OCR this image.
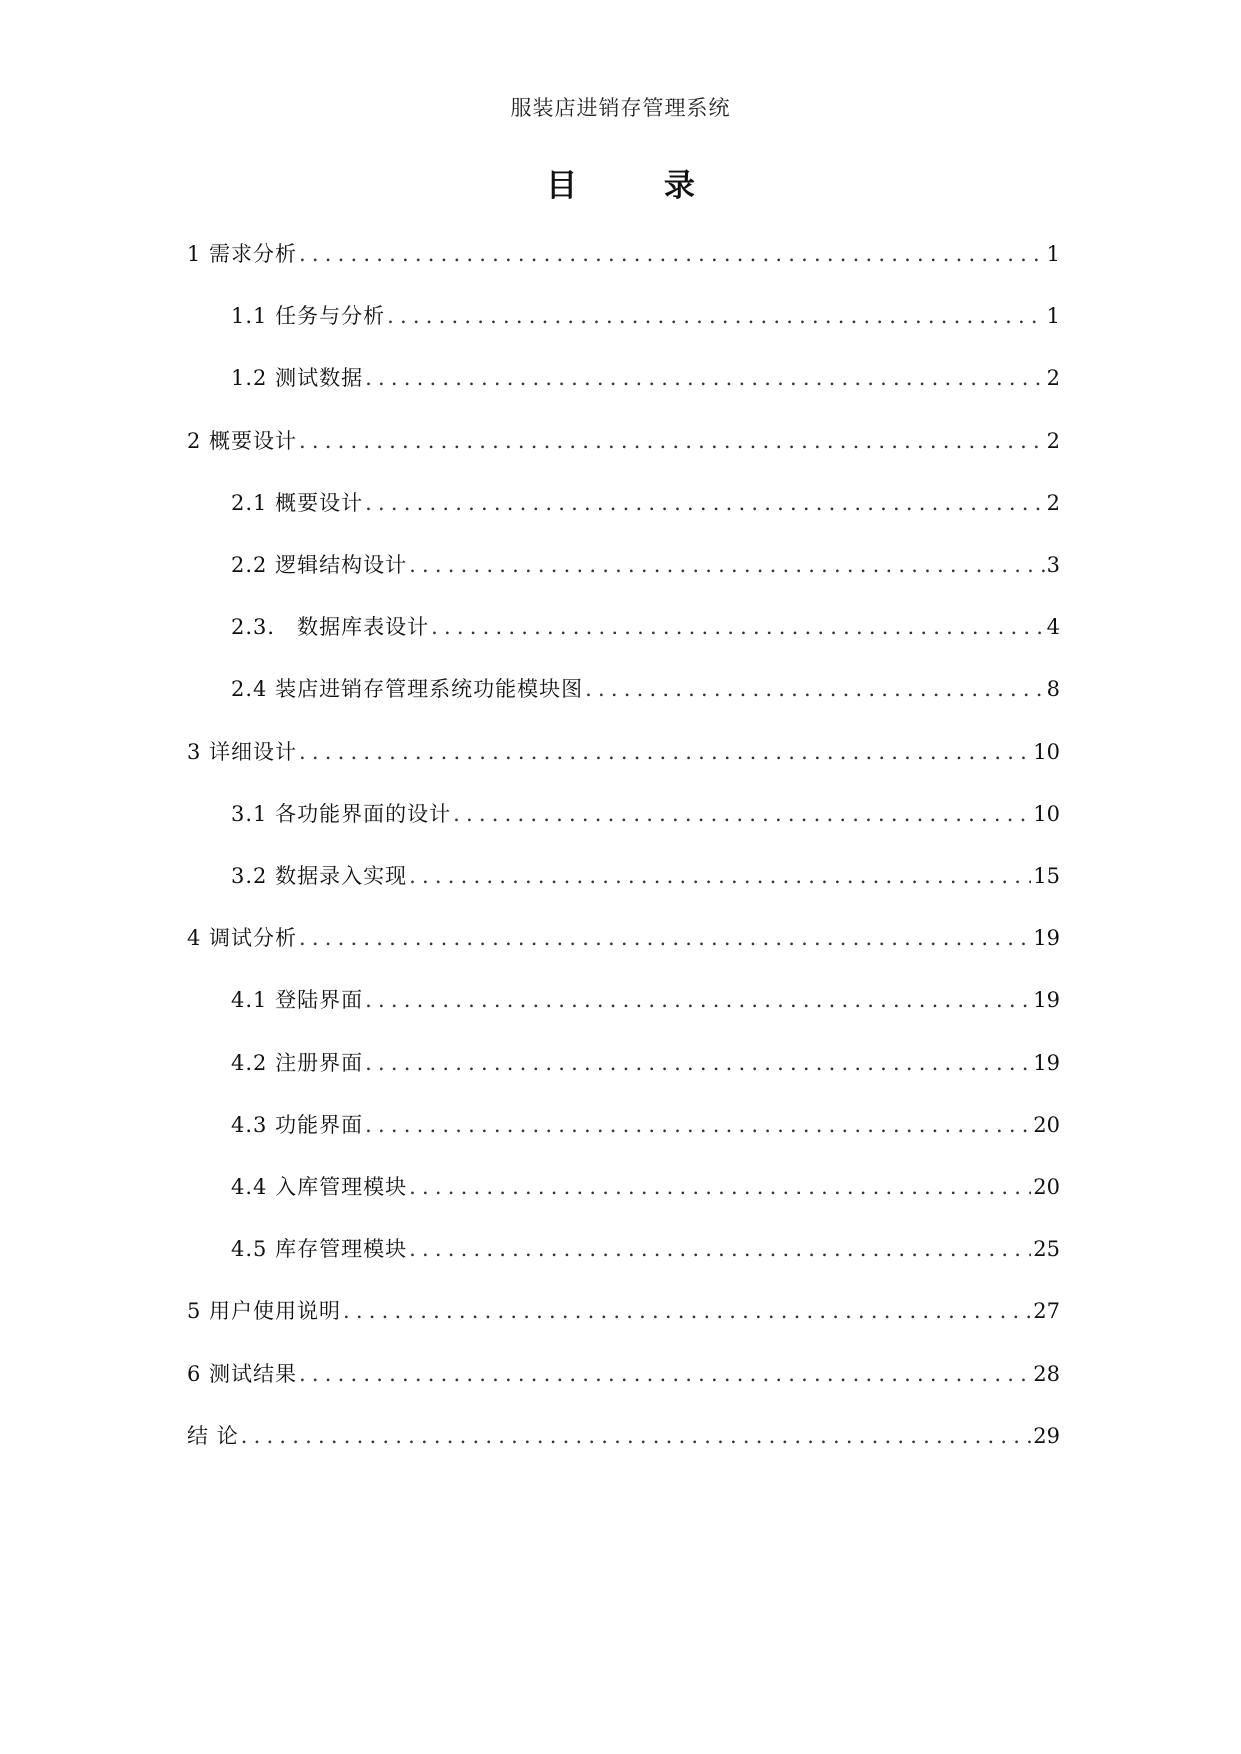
服装店进销存管理系统
目 录
1 需求分析 .....	1
1.1 任务与分析 .....	1
1.2 测试数据 .....	2
2 概要设计 .....	2
2.1 概要设计 .....	2
2.2 逻辑结构设计 .....	3
2.3． 数据库表设计 .....	4
2.4 装店进销存管理系统功能模块图 .....	8
3 详细设计 .....	10
3.1 各功能界面的设计 .....	10
3.2 数据录入实现 .....	15
4 调试分析 .....	19
4.1 登陆界面 .....	19
4.2 注册界面 .....	19
4.3 功能界面 .....	20
4.4 入库管理模块 .....	20
4.5 库存管理模块 .....	25
5 用户使用说明 .....	27
6 测试结果 .....	28
结 论 .....	29
